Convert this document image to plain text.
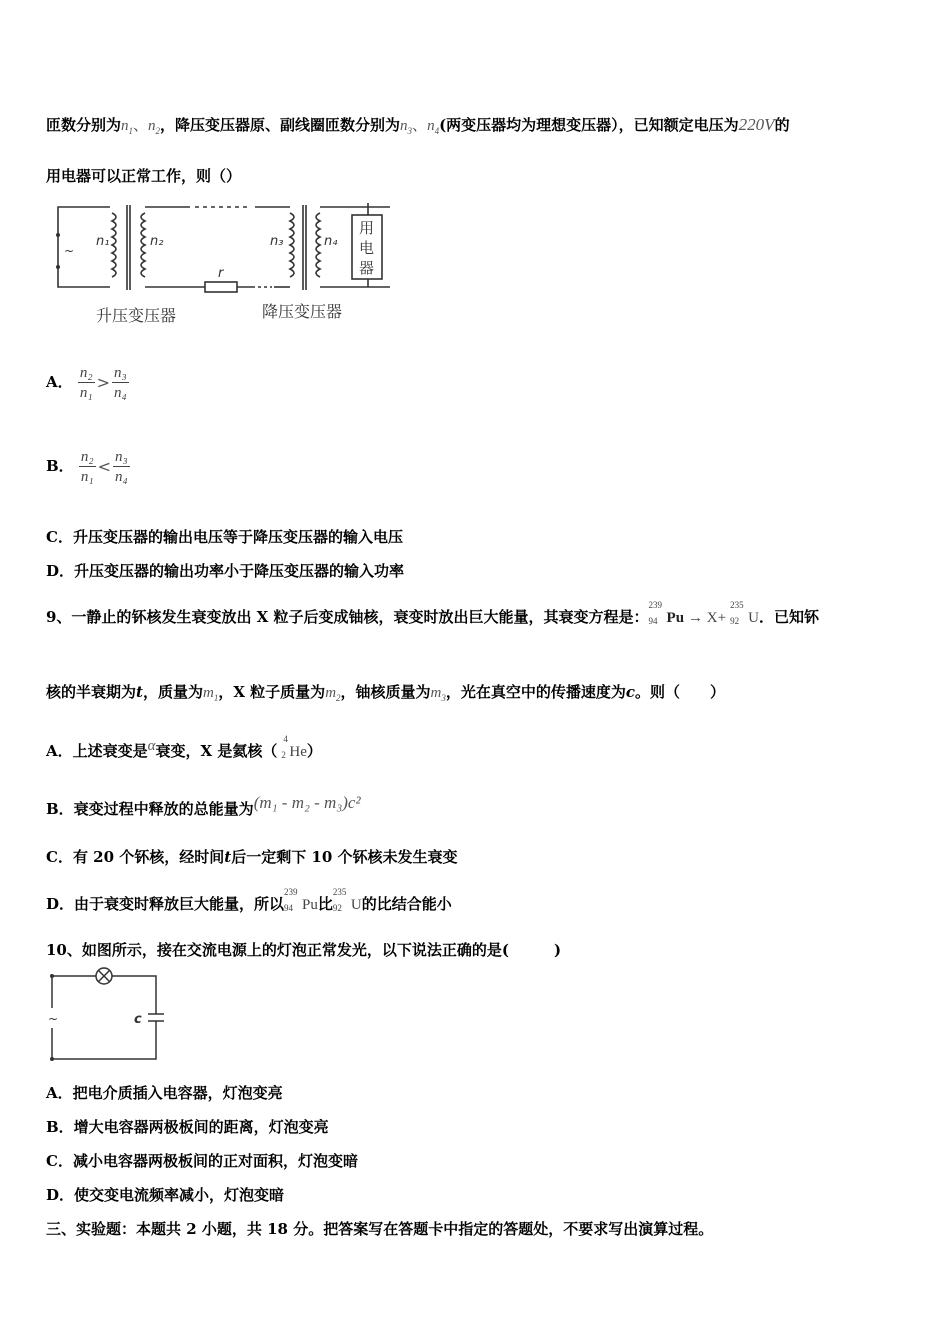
匝数分别为$n_1$、$n_2$，降压变压器原、副线圈匝数分别为$n_3$、$n_4$(两变压器均为理想变压器），已知额定电压为220V的
用电器可以正常工作，则（）
~
n₁	n₂	n₃	n₄
r
用
电
器
升压变压器	降压变压器
A． $\frac{\text{n₂}}{\text{n₁}} > \frac{\text{n₃}}{\text{n₄}}$
B． $\frac{\text{n₂}}{\text{n₁}} < \frac{\text{n₃}}{\text{n₄}}$
C．升压变压器的输出电压等于降压变压器的输入电压
D．升压变压器的输出功率小于降压变压器的输入功率
9、一静止的钚核发生衰变放出 X 粒子后变成铀核，衰变时放出巨大能量，其衰变方程是：
239
94 Pu → X+
235
92 U．已知钚
核的半衰期为t，质量为$m_1$，X 粒子质量为$m_2$，铀核质量为$m_3$，光在真空中的传播速度为c。则（　　）
A．上述衰变是α衰变，X 是氦核（
4
2 He）
B．衰变过程中释放的总能量为(m₁ - m₂ - m₃)c²
C．有 20 个钚核，经时间t后一定剩下 10 个钚核未发生衰变
D．由于衰变时释放巨大能量，所以
239
94 Pu比
235
92 U的比结合能小
10、如图所示，接在交流电源上的灯泡正常发光，以下说法正确的是(　　　)
~	c
A．把电介质插入电容器，灯泡变亮
B．增大电容器两极板间的距离，灯泡变亮
C．减小电容器两极板间的正对面积，灯泡变暗
D．使交变电流频率减小，灯泡变暗
三、实验题：本题共 2 小题，共 18 分。把答案写在答题卡中指定的答题处，不要求写出演算过程。
